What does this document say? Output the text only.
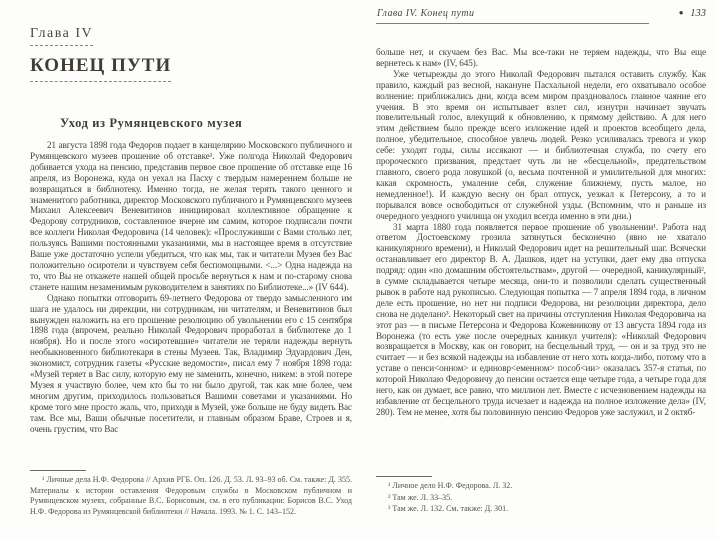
Глава IV
КОНЕЦ ПУТИ
Уход из Румянцевского музея

21 августа 1898 года Федоров подает в канцелярию Московского публичного и Румянцевского музеев прошение об отставке¹. Уже полгода Николай Федорович добивается ухода на пенсию, представив первое свое прошение об отставке еще 16 апреля, из Воронежа, куда он уехал на Пасху с твердым намерением больше не возвращаться в библиотеку. Именно тогда, не желая терять такого ценного и знаменитого работника, директор Московского публичного и Румянцевского музеев Михаил Алексеевич Веневитинов инициировал коллективное обращение к Федорову сотрудников, составленное вчерне им самим, которое подписали почти все коллеги Николая Федоровича (14 человек): «Прослуживши с Вами столько лет, пользуясь Вашими постоянными указаниями, мы в настоящее время в отсутствие Ваше уже достаточно успели убедиться, что как мы, так и читатели Музея без Вас положительно осиротели и чувствуем себя беспомощными. <...> Одна надежда на то, что Вы не откажете нашей общей просьбе вернуться к нам и по-старому снова станете нашим незаменимым руководителем в занятиях по Библиотеке...» (IV 644).

Однако попытки отговорить 69-летнего Федорова от твердо замысленного им шага не удалось ни дирекции, ни сотрудникам, ни читателям, и Веневитинов был вынужден наложить на его прошение резолюцию об увольнении его с 15 сентября 1898 года (впрочем, реально Николай Федорович проработал в библиотеке до 1 ноября). Но и после этого «осиротевшие» читатели не теряли надежды вернуть необыкновенного библиотекаря в стены Музеев. Так, Владимир Эдуардович Ден, экономист, сотрудник газеты «Русские ведомости», писал ему 7 ноября 1898 года: «Музей теряет в Вас силу, которую ему не заменить, конечно, никем: в этой потере Музея я участвую более, чем кто бы то ни было другой, так как мне более, чем многим другим, приходилось пользоваться Вашими советами и указаниями. Но кроме того мне просто жаль, что, приходя в Музей, уже больше не буду видеть Вас там. Все мы, Ваши обычные посетители, и главным образом Браве, Строев и я, очень грустим, что Вас

¹ Личные дела Н.Ф. Федорова // Архив РГБ. Оп. 126. Д. 53. Л. 93–93 об. См. также: Д. 355. Материалы к истории оставления Федоровым службы в Московском публичном и Румянцевском музеях, собранные В.С. Борисовым, см. в его публикации: Борисов В.С. Уход Н.Ф. Федорова из Румянцевской библиотеки // Начала. 1993. № 1. С. 143–152.

Глава IV. Конец пути	● 133

больше нет, и скучаем без Вас. Мы все-таки не теряем надежды, что Вы еще вернетесь к нам» (IV, 645).

Уже четырежды до этого Николай Федорович пытался оставить службу. Как правило, каждый раз весной, накануне Пасхальной недели, его охватывало особое волнение: приближались дни, когда всем миром праздновалось главное чаяние его учения. В это время он испытывает взлет сил, изнутри начинает звучать повелительный голос, влекущий к обновлению, к прямому действию. А для него этим действием было прежде всего изложение идей и проектов всеобщего дела, полное, убедительное, способное увлечь людей. Резко усиливалась тревога и укор себе: уходят годы, силы иссякают — и библиотечная служба, по счету его пророческого призвания, предстает чуть ли не «бесцельной», предательством главного, своего рода ловушкой (о, весьма почтенной и умилительной для многих: какая скромность, умаление себя, служение ближнему, пусть малое, но немедленное!). И каждую весну он брал отпуск, уезжал к Петерсону, а то и порывался вовсе освободиться от служебной узды. (Вспомним, что и раньше из очередного уездного училища он уходил всегда именно в эти дни.)

31 марта 1880 года появляется первое прошение об увольнении¹. Работа над ответом Достоевскому грозила затянуться бесконечно (явно не хватало каникулярного времени), и Николай Федорович идет на решительный шаг. Всячески останавливает его директор В. А. Дашков, идет на уступки, дает ему два отпуска подряд: один «по домашним обстоятельствам», другой — очередной, каникулярный², в сумме складывается четыре месяца, они-то и позволили сделать существенный рывок в работе над рукописью. Следующая попытка — 7 апреля 1894 года, в личном деле есть прошение, но нет ни подписи Федорова, ни резолюции директора, дело снова не доделано³. Некоторый свет на причины отступления Николая Федоровича на этот раз — в письме Петерсона и Федорова Кожевникову от 13 августа 1894 года из Воронежа (то есть уже после очередных каникул учителя): «Николай Федорович возвращается в Москву, как он говорит, на бесцельный труд, — он и за труд это не считает — и без всякой надежды на избавление от него хоть когда-либо, потому что в уставе о пенси<онном> и единовр<еменном> пособ<ии> оказалась 357-я статья, по которой Николаю Федоровичу до пенсии остается еще четыре года, а четыре года для него, как он думает, все равно, что миллион лет. Вместе с исчезновением надежды на избавление от бесцельного труда исчезает и надежда на полное изложение дела» (IV, 280). Тем не менее, хотя бы половинную пенсию Федоров уже заслужил, и 2 октяб-

¹ Личное дело Н.Ф. Федорова. Л. 32.

² Там же. Л. 33–35.

³ Там же. Л. 132. См. также: Д. 301.
